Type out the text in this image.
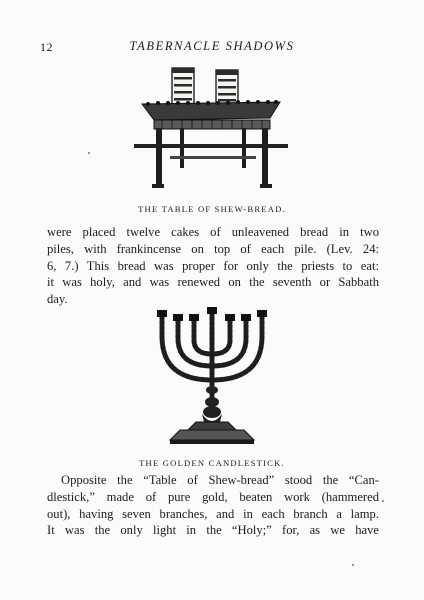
12	TABERNACLE SHADOWS
THE TABLE OF SHEW-BREAD.
were placed twelve cakes of unleavened bread in two
piles, with frankincense on top of each pile. (Lev. 24:
6, 7.) This bread was proper for only the priests to eat:
it was holy, and was renewed on the seventh or Sabbath
day.
THE GOLDEN CANDLESTICK.
Opposite the “Table of Shew-bread” stood the “Can-
dlestick,” made of pure gold, beaten work (hammered
out), having seven branches, and in each branch a lamp.
It was the only light in the “Holy;” for, as we have
